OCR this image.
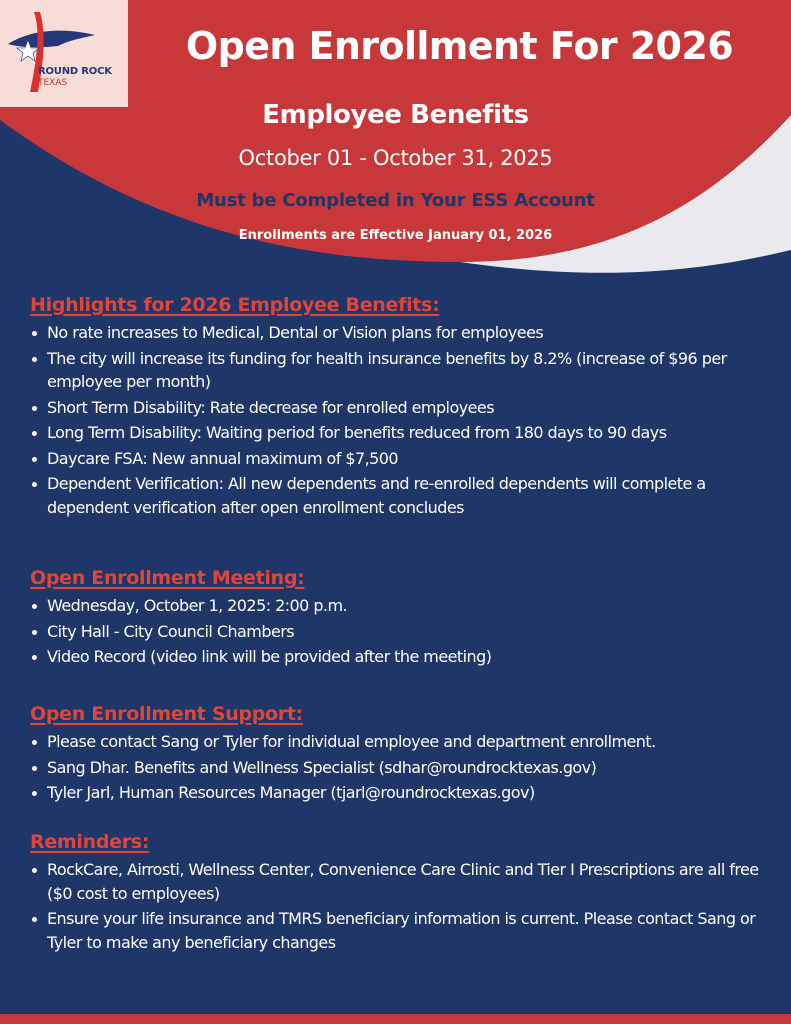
ROUND ROCK
TEXAS
Open Enrollment For 2026
Employee Benefits
October 01 - October 31, 2025
Must be Completed in Your ESS Account
Enrollments are Effective January 01, 2026
Highlights for 2026 Employee Benefits:
No rate increases to Medical, Dental or Vision plans for employees
The city will increase its funding for health insurance benefits by 8.2% (increase of $96 per employee per month)
Short Term Disability: Rate decrease for enrolled employees
Long Term Disability: Waiting period for benefits reduced from 180 days to 90 days
Daycare FSA: New annual maximum of $7,500
Dependent Verification: All new dependents and re-enrolled dependents will complete a dependent verification after open enrollment concludes
Open Enrollment Meeting:
Wednesday, October 1, 2025: 2:00 p.m.
City Hall - City Council Chambers
Video Record (video link will be provided after the meeting)
Open Enrollment Support:
Please contact Sang or Tyler for individual employee and department enrollment.
Sang Dhar. Benefits and Wellness Specialist (sdhar@roundrocktexas.gov)
Tyler Jarl, Human Resources Manager (tjarl@roundrocktexas.gov)
Reminders:
RockCare, Airrosti, Wellness Center, Convenience Care Clinic and Tier I Prescriptions are all free ($0 cost to employees)
Ensure your life insurance and TMRS beneficiary information is current. Please contact Sang or Tyler to make any beneficiary changes
